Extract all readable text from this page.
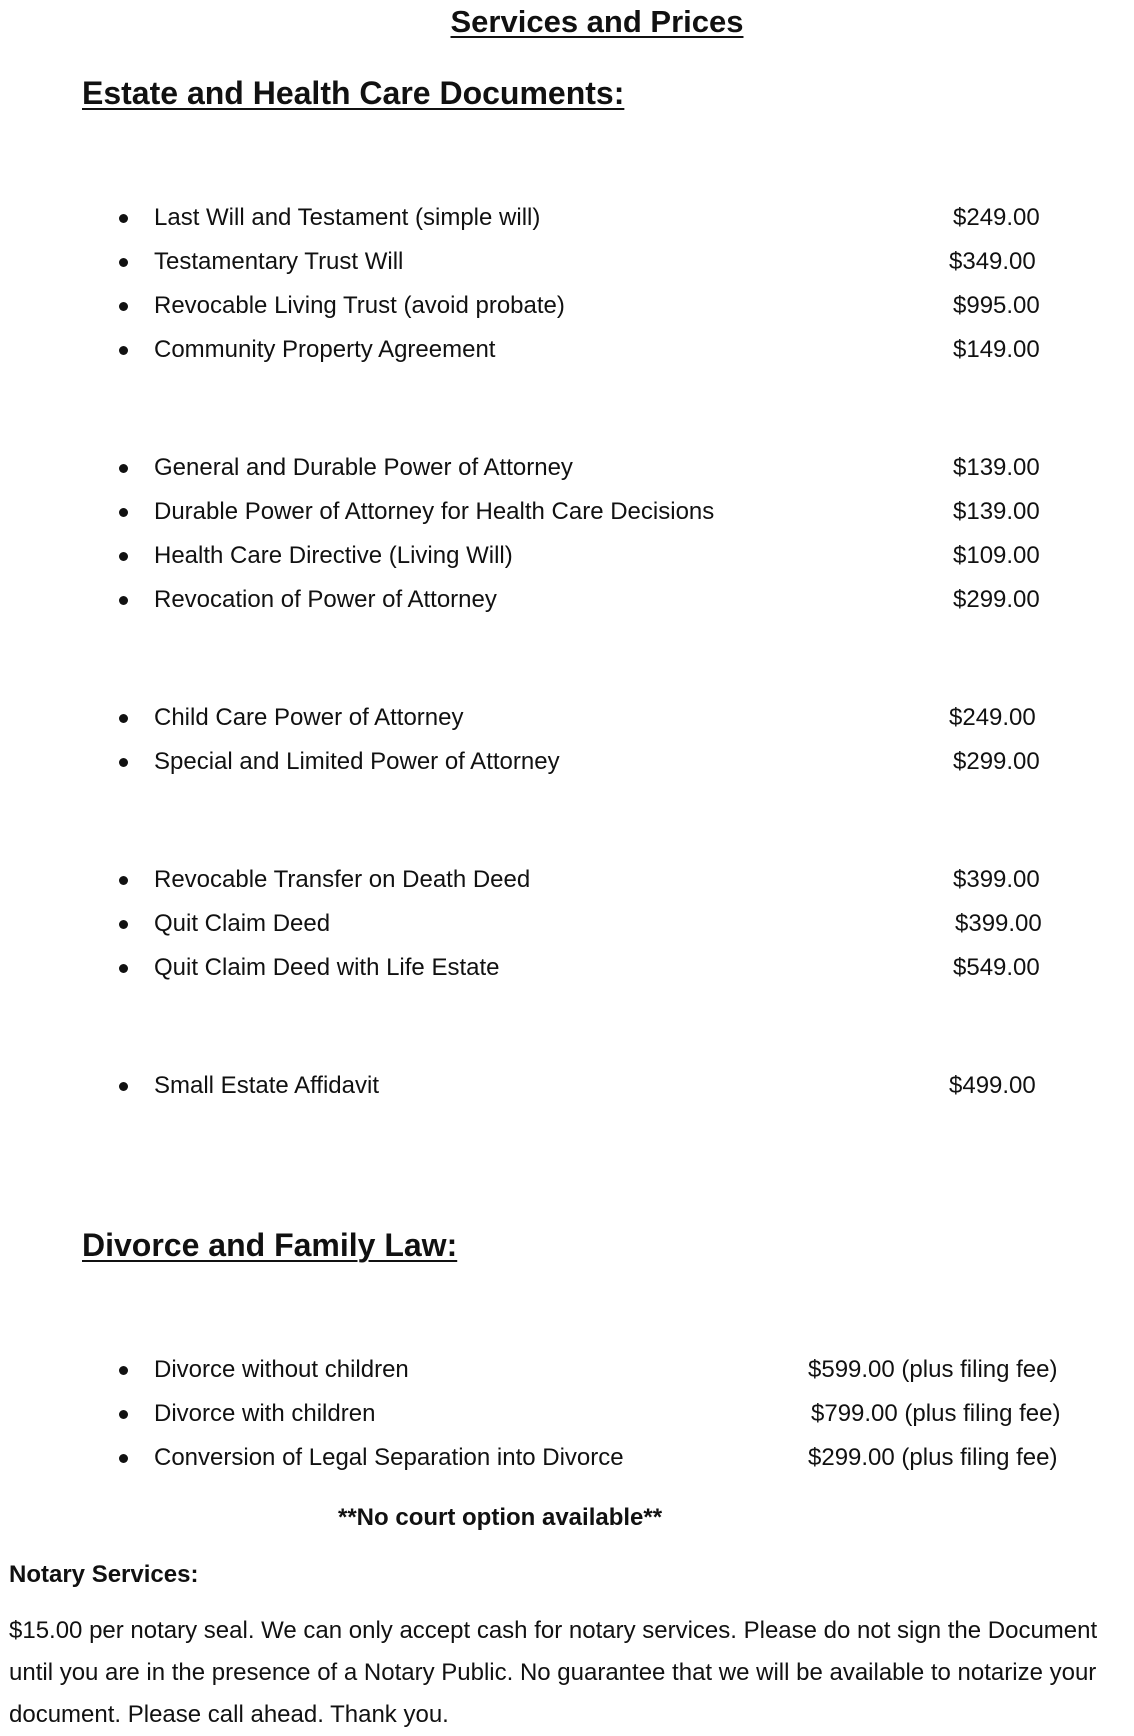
Services and Prices
Estate and Health Care Documents:
Last Will and Testament (simple will)	$249.00
Testamentary Trust Will	$349.00
Revocable Living Trust (avoid probate)	$995.00
Community Property Agreement	$149.00
General and Durable Power of Attorney	$139.00
Durable Power of Attorney for Health Care Decisions	$139.00
Health Care Directive (Living Will)	$109.00
Revocation of Power of Attorney	$299.00
Child Care Power of Attorney	$249.00
Special and Limited Power of Attorney	$299.00
Revocable Transfer on Death Deed	$399.00
Quit Claim Deed	$399.00
Quit Claim Deed with Life Estate	$549.00
Small Estate Affidavit	$499.00
Divorce and Family Law:
Divorce without children	$599.00 (plus filing fee)
Divorce with children	$799.00 (plus filing fee)
Conversion of Legal Separation into Divorce	$299.00 (plus filing fee)
**No court option available**
Notary Services:
$15.00 per notary seal. We can only accept cash for notary services. Please do not sign the Document until you are in the presence of a Notary Public. No guarantee that we will be available to notarize your document. Please call ahead. Thank you.
